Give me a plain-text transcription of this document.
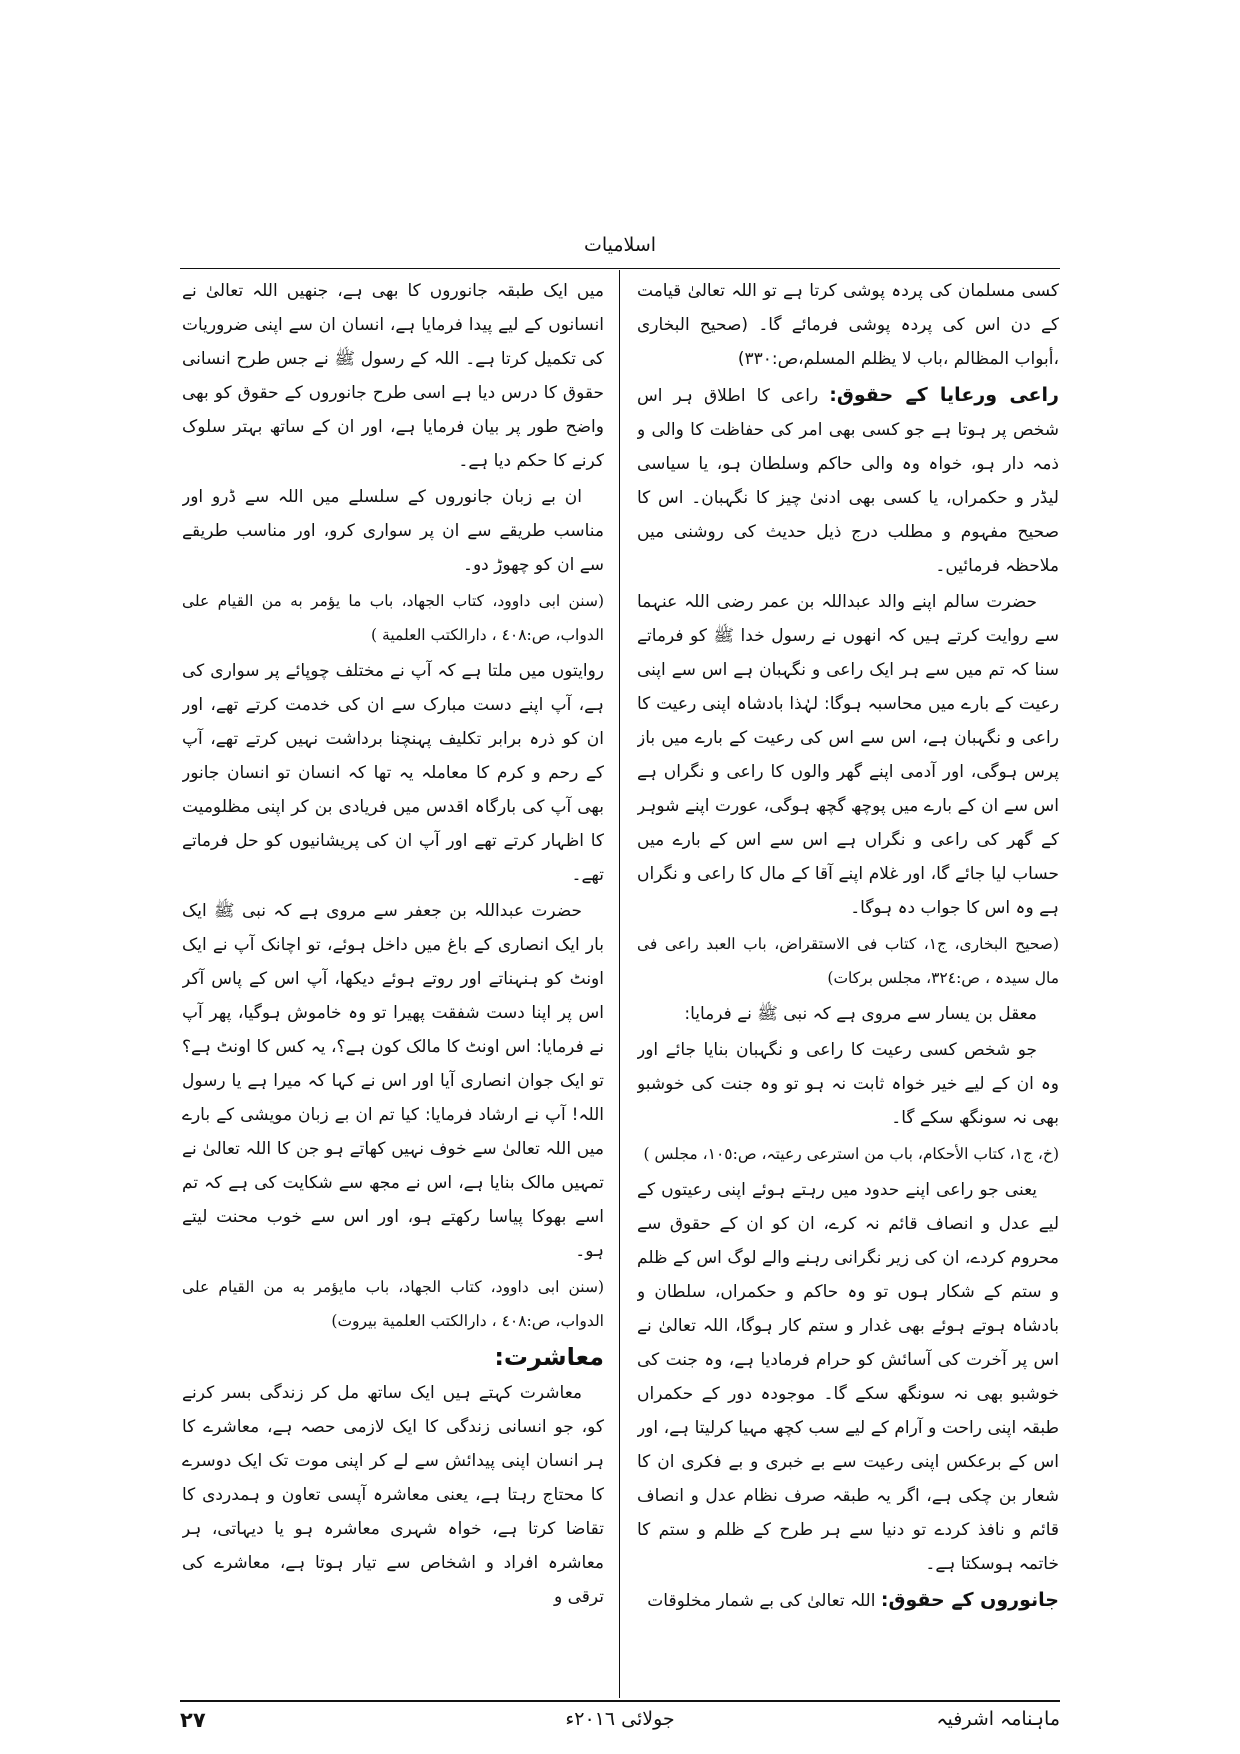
اسلامیات

کسی مسلمان کی پردہ پوشی کرتا ہے تو اللہ تعالیٰ قیامت کے دن اس کی پردہ پوشی فرمائے گا۔ (صحیح البخاری ،أبواب المظالم ،باب لا یظلم المسلم،ص:٣٣٠)

راعی ورعایا کے حقوق: راعی کا اطلاق ہر اس شخص پر ہوتا ہے جو کسی بھی امر کی حفاظت کا والی و ذمہ دار ہو، خواہ وہ والی حاکم وسلطان ہو، یا سیاسی لیڈر و حکمراں، یا کسی بھی ادنیٰ چیز کا نگہبان۔ اس کا صحیح مفہوم و مطلب درج ذیل حدیث کی روشنی میں ملاحظہ فرمائیں۔

حضرت سالم اپنے والد عبداللہ بن عمر رضی اللہ عنہما سے روایت کرتے ہیں کہ انھوں نے رسول خدا ﷺ کو فرماتے سنا کہ تم میں سے ہر ایک راعی و نگہبان ہے اس سے اپنی رعیت کے بارے میں محاسبہ ہوگا: لہٰذا بادشاہ اپنی رعیت کا راعی و نگہبان ہے، اس سے اس کی رعیت کے بارے میں باز پرس ہوگی، اور آدمی اپنے گھر والوں کا راعی و نگراں ہے اس سے ان کے بارے میں پوچھ گچھ ہوگی، عورت اپنے شوہر کے گھر کی راعی و نگراں ہے اس سے اس کے بارے میں حساب لیا جائے گا، اور غلام اپنے آقا کے مال کا راعی و نگراں ہے وہ اس کا جواب دہ ہوگا۔

(صحیح البخاری، ج١، کتاب فی الاستقراض، باب العبد راعی فی مال سیدہ ، ص:٣٢٤، مجلس برکات)

معقل بن یسار سے مروی ہے کہ نبی ﷺ نے فرمایا:

جو شخص کسی رعیت کا راعی و نگہبان بنایا جائے اور وہ ان کے لیے خیر خواہ ثابت نہ ہو تو وہ جنت کی خوشبو بھی نہ سونگھ سکے گا۔

(خ، ج١، کتاب الأحکام، باب من استرعی رعیتہ، ص:١٠٥، مجلس )

یعنی جو راعی اپنے حدود میں رہتے ہوئے اپنی رعیتوں کے لیے عدل و انصاف قائم نہ کرے، ان کو ان کے حقوق سے محروم کردے، ان کی زیر نگرانی رہنے والے لوگ اس کے ظلم و ستم کے شکار ہوں تو وہ حاکم و حکمراں، سلطان و بادشاہ ہوتے ہوئے بھی غدار و ستم کار ہوگا، اللہ تعالیٰ نے اس پر آخرت کی آسائش کو حرام فرمادیا ہے، وہ جنت کی خوشبو بھی نہ سونگھ سکے گا۔ موجودہ دور کے حکمراں طبقہ اپنی راحت و آرام کے لیے سب کچھ مہیا کرلیتا ہے، اور اس کے برعکس اپنی رعیت سے بے خبری و بے فکری ان کا شعار بن چکی ہے، اگر یہ طبقہ صرف نظام عدل و انصاف قائم و نافذ کردے تو دنیا سے ہر طرح کے ظلم و ستم کا خاتمہ ہوسکتا ہے۔

جانوروں کے حقوق: اللہ تعالیٰ کی بے شمار مخلوقات

میں ایک طبقہ جانوروں کا بھی ہے، جنھیں اللہ تعالیٰ نے انسانوں کے لیے پیدا فرمایا ہے، انسان ان سے اپنی ضروریات کی تکمیل کرتا ہے۔ اللہ کے رسول ﷺ نے جس طرح انسانی حقوق کا درس دیا ہے اسی طرح جانوروں کے حقوق کو بھی واضح طور پر بیان فرمایا ہے، اور ان کے ساتھ بہتر سلوک کرنے کا حکم دیا ہے۔

ان بے زبان جانوروں کے سلسلے میں اللہ سے ڈرو اور مناسب طریقے سے ان پر سواری کرو، اور مناسب طریقے سے ان کو چھوڑ دو۔

(سنن ابی داوود، کتاب الجهاد، باب ما یؤمر به من القیام علی الدواب، ص:٤٠٨ ، دارالکتب العلمیة )

روایتوں میں ملتا ہے کہ آپ نے مختلف چوپائے پر سواری کی ہے، آپ اپنے دست مبارک سے ان کی خدمت کرتے تھے، اور ان کو ذرہ برابر تکلیف پہنچنا برداشت نہیں کرتے تھے، آپ کے رحم و کرم کا معاملہ یہ تھا کہ انسان تو انسان جانور بھی آپ کی بارگاہ اقدس میں فریادی بن کر اپنی مظلومیت کا اظہار کرتے تھے اور آپ ان کی پریشانیوں کو حل فرماتے تھے۔

حضرت عبداللہ بن جعفر سے مروی ہے کہ نبی ﷺ ایک بار ایک انصاری کے باغ میں داخل ہوئے، تو اچانک آپ نے ایک اونٹ کو ہنہناتے اور روتے ہوئے دیکھا، آپ اس کے پاس آکر اس پر اپنا دست شفقت پھیرا تو وہ خاموش ہوگیا، پھر آپ نے فرمایا: اس اونٹ کا مالک کون ہے؟، یہ کس کا اونٹ ہے؟ تو ایک جوان انصاری آیا اور اس نے کہا کہ میرا ہے یا رسول اللہ! آپ نے ارشاد فرمایا: کیا تم ان بے زبان مویشی کے بارے میں اللہ تعالیٰ سے خوف نہیں کھاتے ہو جن کا اللہ تعالیٰ نے تمہیں مالک بنایا ہے، اس نے مجھ سے شکایت کی ہے کہ تم اسے بھوکا پیاسا رکھتے ہو، اور اس سے خوب محنت لیتے ہو۔

(سنن ابی داوود، کتاب الجهاد، باب مایؤمر به من القیام علی الدواب، ص:٤٠٨ ، دارالکتب العلمیة بیروت)

معاشرت:

معاشرت کہتے ہیں ایک ساتھ مل کر زندگی بسر کرنے کو، جو انسانی زندگی کا ایک لازمی حصہ ہے، معاشرے کا ہر انسان اپنی پیدائش سے لے کر اپنی موت تک ایک دوسرے کا محتاج رہتا ہے، یعنی معاشرہ آپسی تعاون و ہمدردی کا تقاضا کرتا ہے، خواہ شہری معاشرہ ہو یا دیہاتی، ہر معاشرہ افراد و اشخاص سے تیار ہوتا ہے، معاشرے کی ترقی و

ماہنامہ اشرفیہ
جولائی ٢٠١٦ء
٢٧
